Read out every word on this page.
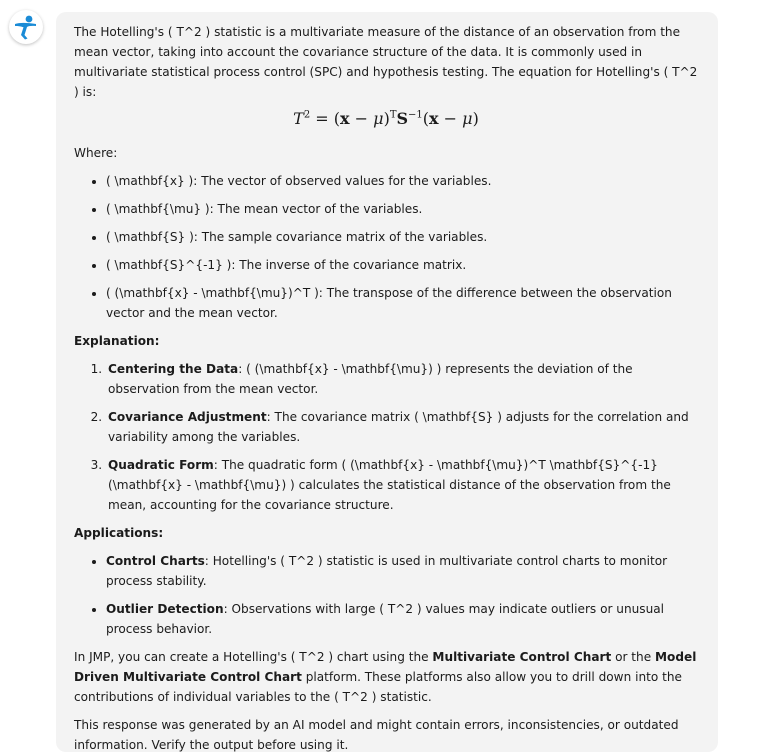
The Hotelling's ( T^2 ) statistic is a multivariate measure of the distance of an observation from the mean vector, taking into account the covariance structure of the data. It is commonly used in multivariate statistical process control (SPC) and hypothesis testing. The equation for Hotelling's ( T^2 ) is:

$T^2 = (x - \mu)^TS^{-1}(x - \mu)$

Where:

• ( \mathbf{x} ): The vector of observed values for the variables.
• ( \mathbf{\mu} ): The mean vector of the variables.
• ( \mathbf{S} ): The sample covariance matrix of the variables.
• ( \mathbf{S}^{-1} ): The inverse of the covariance matrix.
• ( (\mathbf{x} - \mathbf{\mu})^T ): The transpose of the difference between the observation vector and the mean vector.

Explanation:

1. Centering the Data: ( (\mathbf{x} - \mathbf{\mu}) ) represents the deviation of the observation from the mean vector.
2. Covariance Adjustment: The covariance matrix ( \mathbf{S} ) adjusts for the correlation and variability among the variables.
3. Quadratic Form: The quadratic form ( (\mathbf{x} - \mathbf{\mu})^T \mathbf{S}^{-1} (\mathbf{x} - \mathbf{\mu}) ) calculates the statistical distance of the observation from the mean, accounting for the covariance structure.

Applications:

• Control Charts: Hotelling's ( T^2 ) statistic is used in multivariate control charts to monitor process stability.
• Outlier Detection: Observations with large ( T^2 ) values may indicate outliers or unusual process behavior.

In JMP, you can create a Hotelling's ( T^2 ) chart using the Multivariate Control Chart or the Model Driven Multivariate Control Chart platform. These platforms also allow you to drill down into the contributions of individual variables to the ( T^2 ) statistic.

This response was generated by an AI model and might contain errors, inconsistencies, or outdated information. Verify the output before using it.
